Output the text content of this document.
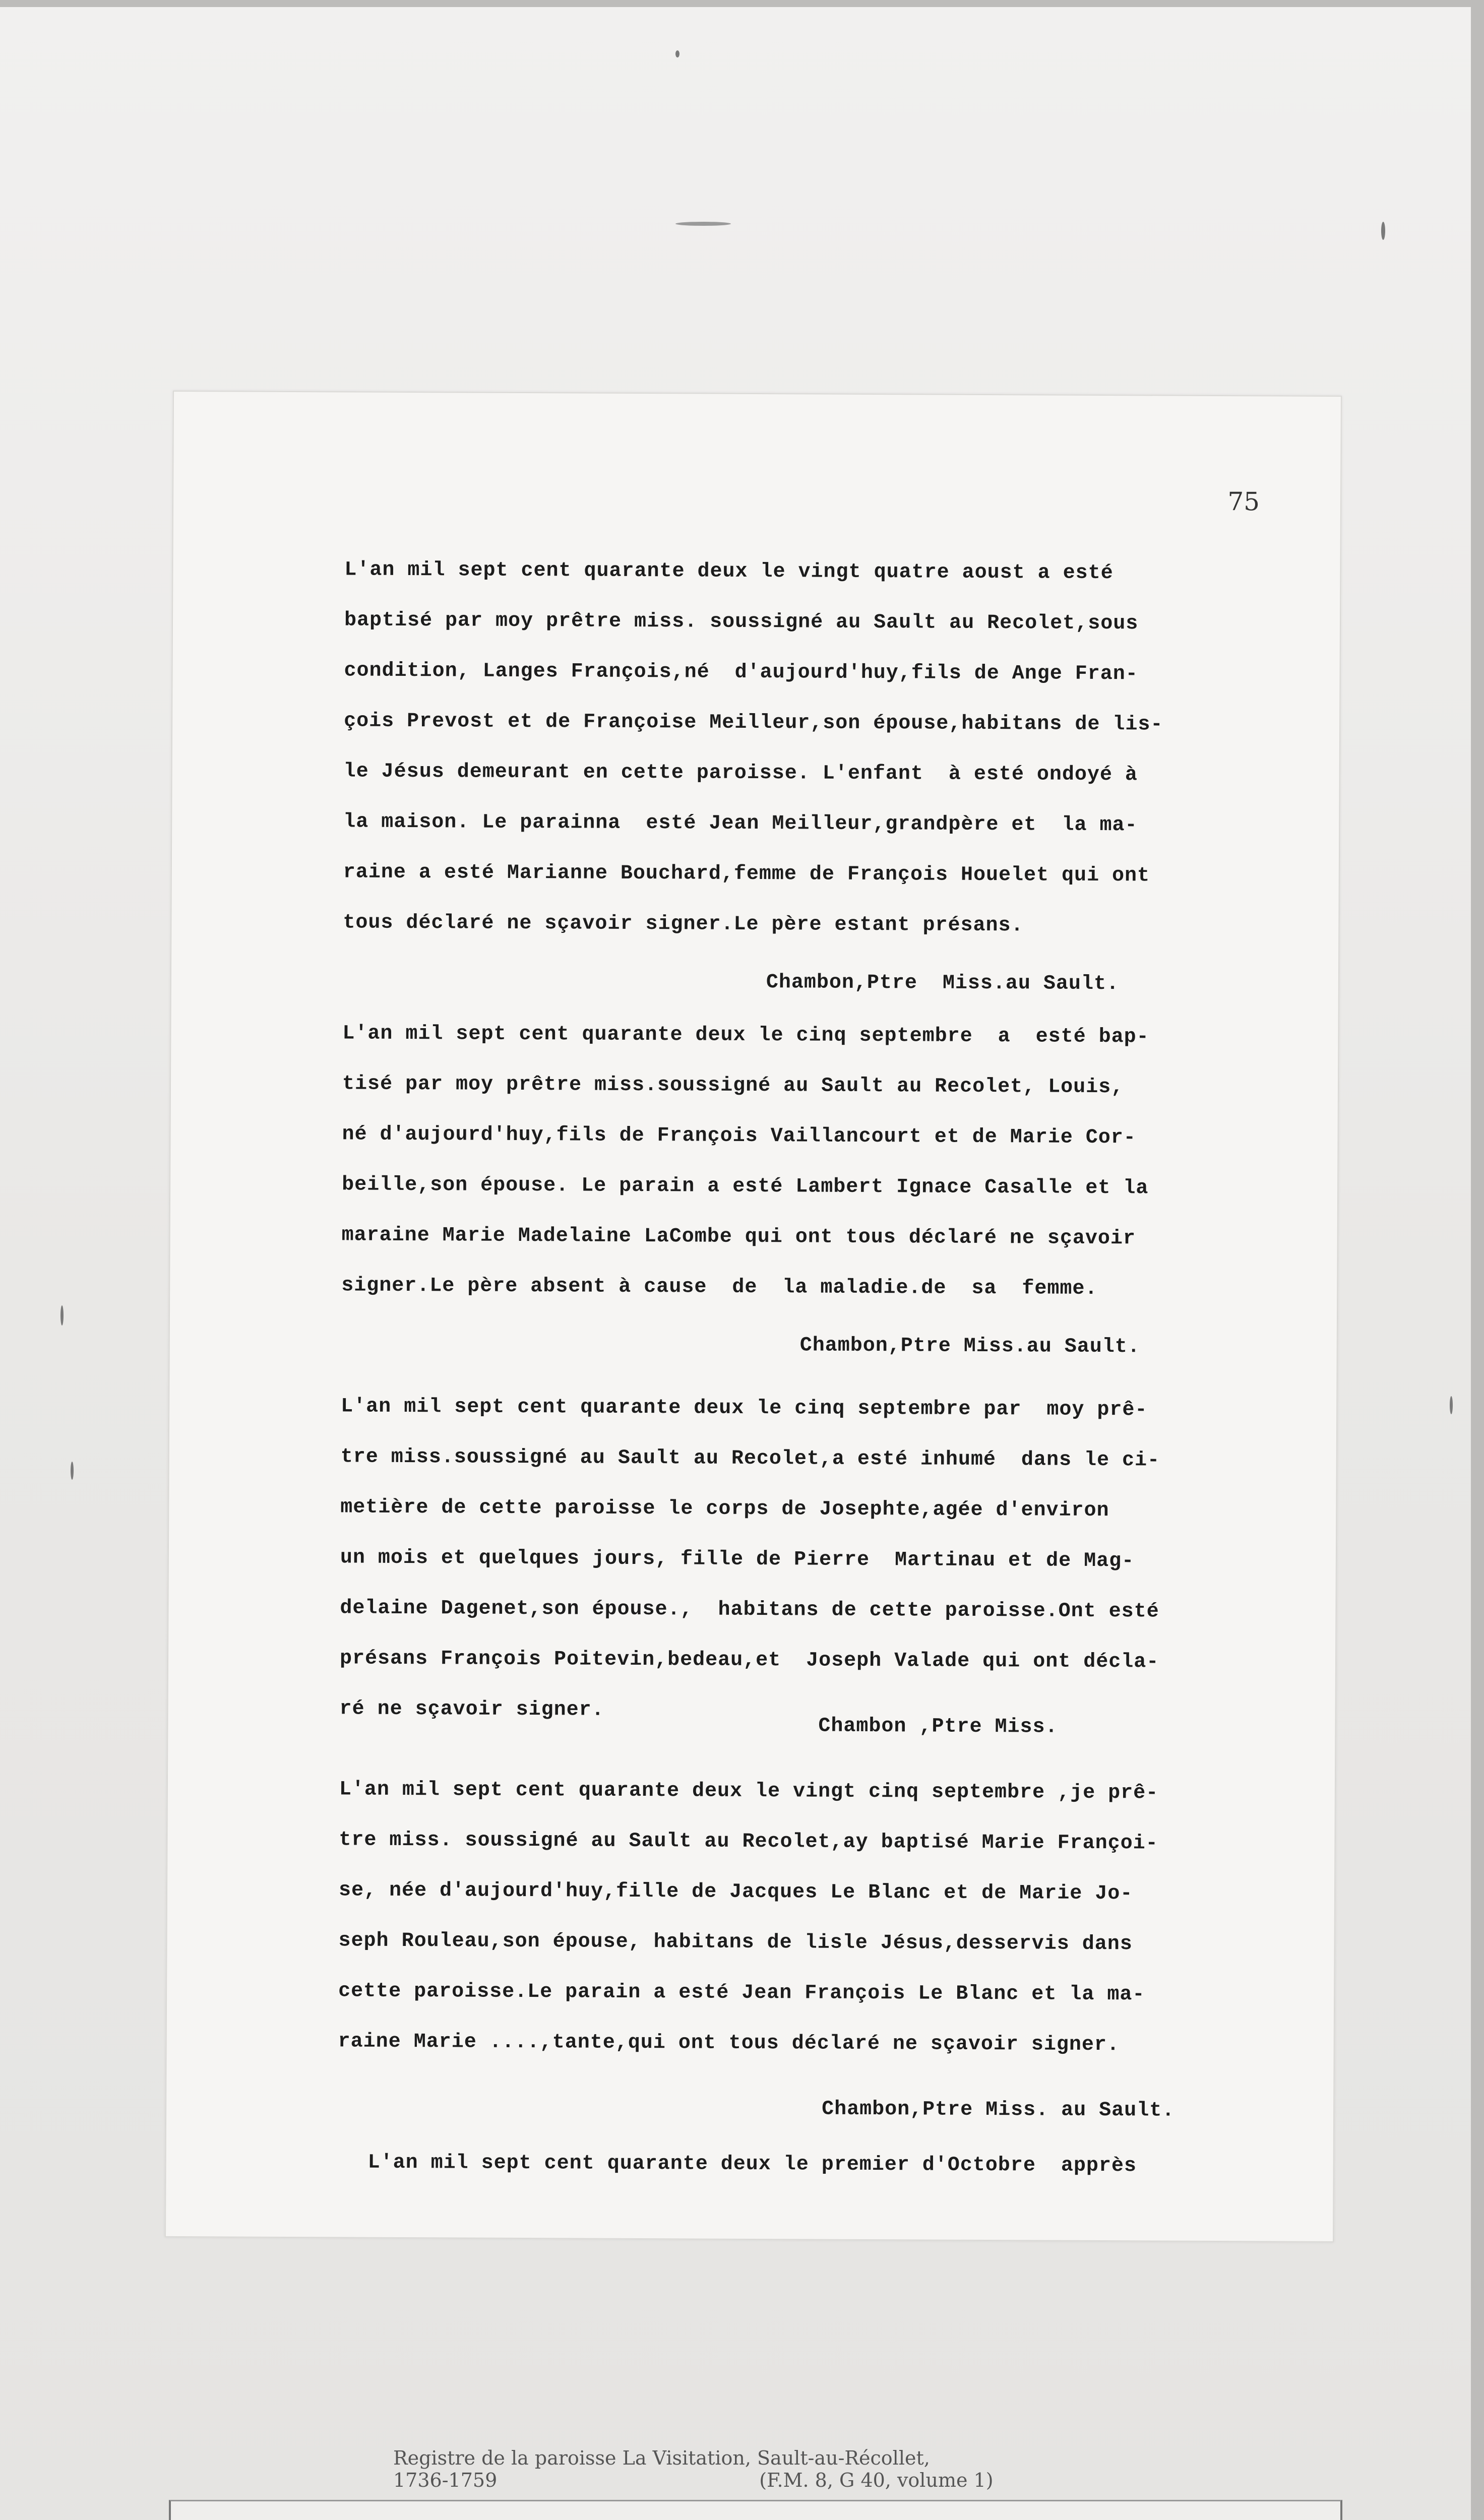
75
L'an mil sept cent quarante deux le vingt quatre aoust a esté
baptisé par moy prêtre miss. soussigné au Sault au Recolet,sous
condition, Langes François,né  d'aujourd'huy,fils de Ange Fran-
çois Prevost et de Françoise Meilleur,son épouse,habitans de lis-
le Jésus demeurant en cette paroisse. L'enfant  à esté ondoyé à
la maison. Le parainna  esté Jean Meilleur,grandpère et  la ma-
raine a esté Marianne Bouchard,femme de François Houelet qui ont
tous déclaré ne sçavoir signer.Le père estant présans.
Chambon,Ptre  Miss.au Sault.
L'an mil sept cent quarante deux le cinq septembre  a  esté bap-
tisé par moy prêtre miss.soussigné au Sault au Recolet, Louis,
né d'aujourd'huy,fils de François Vaillancourt et de Marie Cor-
beille,son épouse. Le parain a esté Lambert Ignace Casalle et la
maraine Marie Madelaine LaCombe qui ont tous déclaré ne sçavoir
signer.Le père absent à cause  de  la maladie.de  sa  femme.
Chambon,Ptre Miss.au Sault.
L'an mil sept cent quarante deux le cinq septembre par  moy prê-
tre miss.soussigné au Sault au Recolet,a esté inhumé  dans le ci-
metière de cette paroisse le corps de Josephte,agée d'environ
un mois et quelques jours, fille de Pierre  Martinau et de Mag-
delaine Dagenet,son épouse.,  habitans de cette paroisse.Ont esté
présans François Poitevin,bedeau,et  Joseph Valade qui ont décla-
ré ne sçavoir signer.
Chambon ,Ptre Miss.
L'an mil sept cent quarante deux le vingt cinq septembre ,je prê-
tre miss. soussigné au Sault au Recolet,ay baptisé Marie Françoi-
se, née d'aujourd'huy,fille de Jacques Le Blanc et de Marie Jo-
seph Rouleau,son épouse, habitans de lisle Jésus,desservis dans
cette paroisse.Le parain a esté Jean François Le Blanc et la ma-
raine Marie ....,tante,qui ont tous déclaré ne sçavoir signer.
Chambon,Ptre Miss. au Sault.
L'an mil sept cent quarante deux le premier d'Octobre  apprès
Registre de la paroisse La Visitation, Sault-au-Récollet,
1736-1759	(F.M. 8, G 40, volume 1)
